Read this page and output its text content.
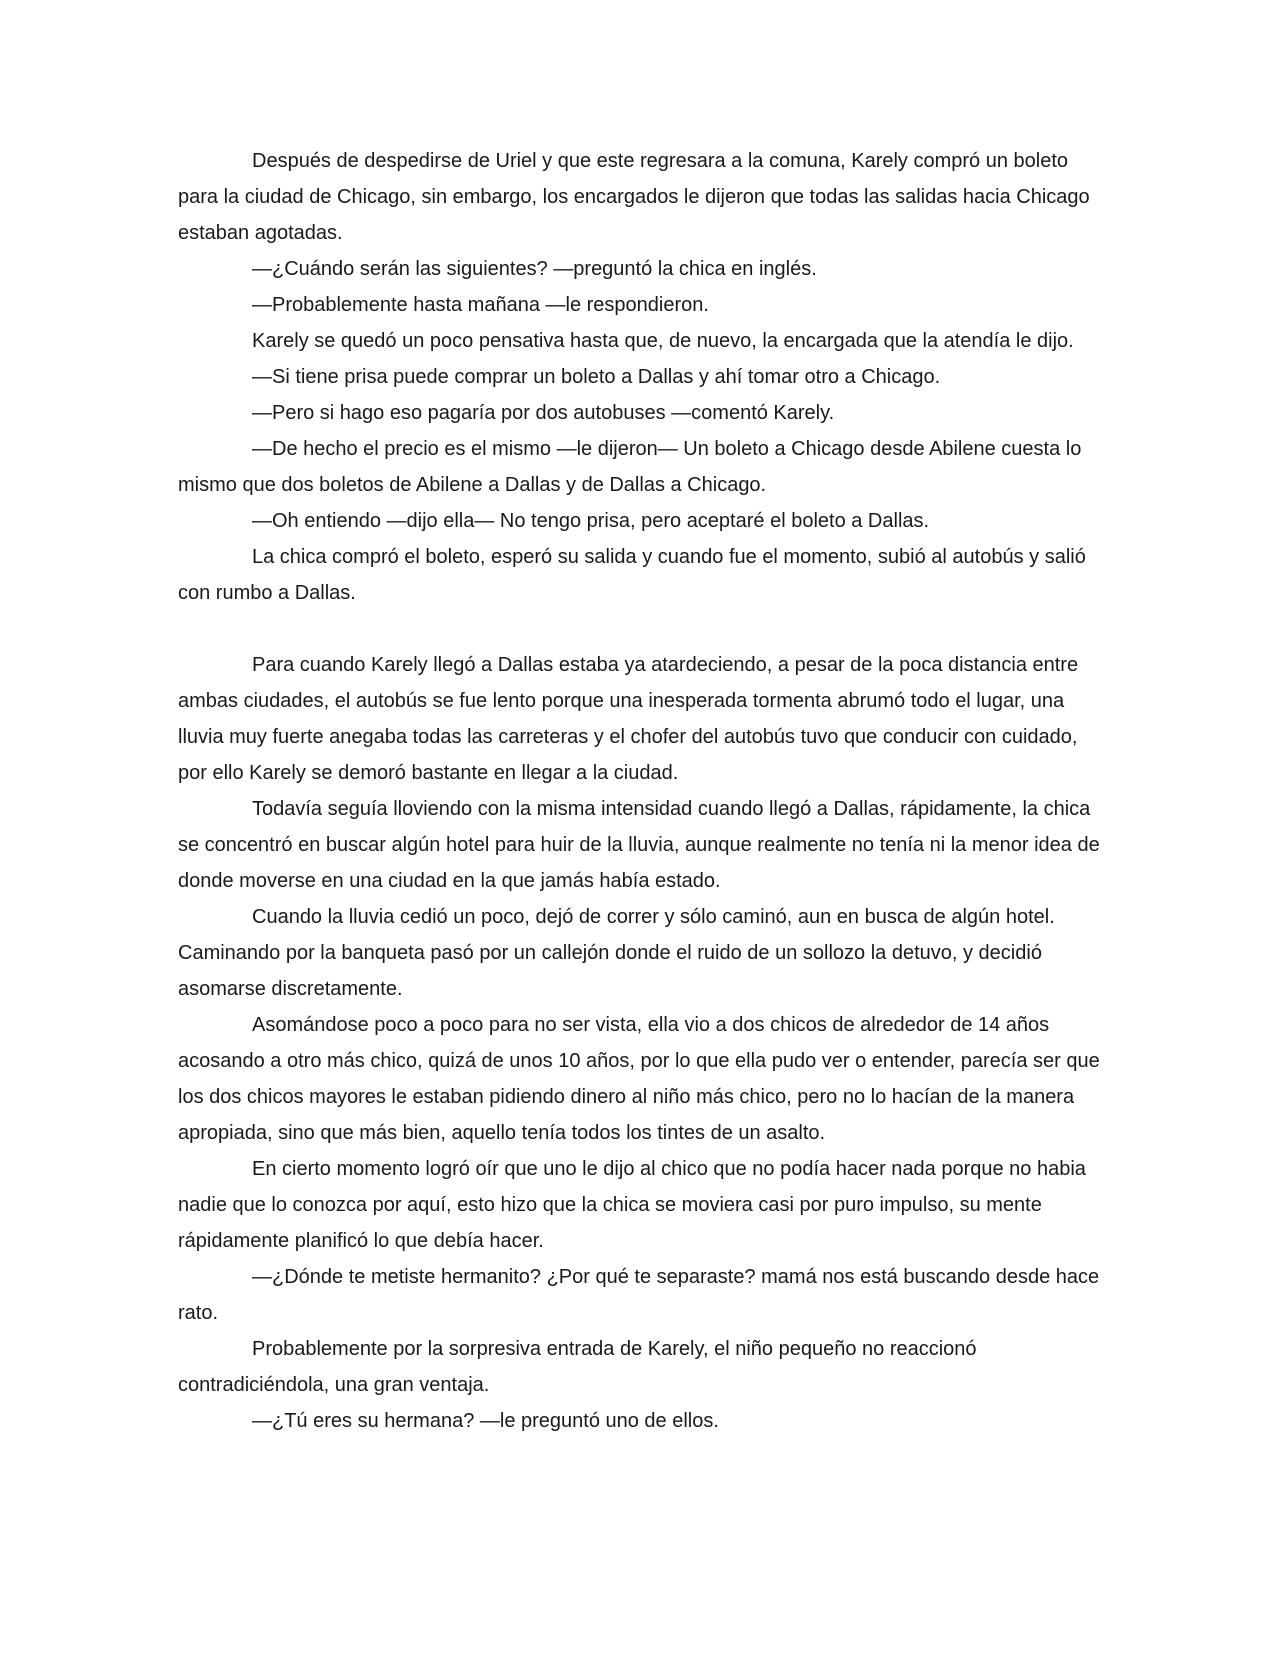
Después de despedirse de Uriel y que este regresara a la comuna, Karely compró un boleto para la ciudad de Chicago, sin embargo, los encargados le dijeron que todas las salidas hacia Chicago estaban agotadas.

—¿Cuándo serán las siguientes? —preguntó la chica en inglés.

—Probablemente hasta mañana —le respondieron.

Karely se quedó un poco pensativa hasta que, de nuevo, la encargada que la atendía le dijo.

—Si tiene prisa puede comprar un boleto a Dallas y ahí tomar otro a Chicago.

—Pero si hago eso pagaría por dos autobuses —comentó Karely.

—De hecho el precio es el mismo —le dijeron— Un boleto a Chicago desde Abilene cuesta lo mismo que dos boletos de Abilene a Dallas y de Dallas a Chicago.

—Oh entiendo —dijo ella— No tengo prisa, pero aceptaré el boleto a Dallas.

La chica compró el boleto, esperó su salida y cuando fue el momento, subió al autobús y salió con rumbo a Dallas.

Para cuando Karely llegó a Dallas estaba ya atardeciendo, a pesar de la poca distancia entre ambas ciudades, el autobús se fue lento porque una inesperada tormenta abrumó todo el lugar, una lluvia muy fuerte anegaba todas las carreteras y el chofer del autobús tuvo que conducir con cuidado, por ello Karely se demoró bastante en llegar a la ciudad.

Todavía seguía lloviendo con la misma intensidad cuando llegó a Dallas, rápidamente, la chica se concentró en buscar algún hotel para huir de la lluvia, aunque realmente no tenía ni la menor idea de donde moverse en una ciudad en la que jamás había estado.

Cuando la lluvia cedió un poco, dejó de correr y sólo caminó, aun en busca de algún hotel. Caminando por la banqueta pasó por un callejón donde el ruido de un sollozo la detuvo, y decidió asomarse discretamente.

Asomándose poco a poco para no ser vista, ella vio a dos chicos de alrededor de 14 años acosando a otro más chico, quizá de unos 10 años, por lo que ella pudo ver o entender, parecía ser que los dos chicos mayores le estaban pidiendo dinero al niño más chico, pero no lo hacían de la manera apropiada, sino que más bien, aquello tenía todos los tintes de un asalto.

En cierto momento logró oír que uno le dijo al chico que no podía hacer nada porque no habia nadie que lo conozca por aquí, esto hizo que la chica se moviera casi por puro impulso, su mente rápidamente planificó lo que debía hacer.

—¿Dónde te metiste hermanito? ¿Por qué te separaste? mamá nos está buscando desde hace rato.

Probablemente por la sorpresiva entrada de Karely, el niño pequeño no reaccionó contradiciéndola, una gran ventaja.

—¿Tú eres su hermana? —le preguntó uno de ellos.
